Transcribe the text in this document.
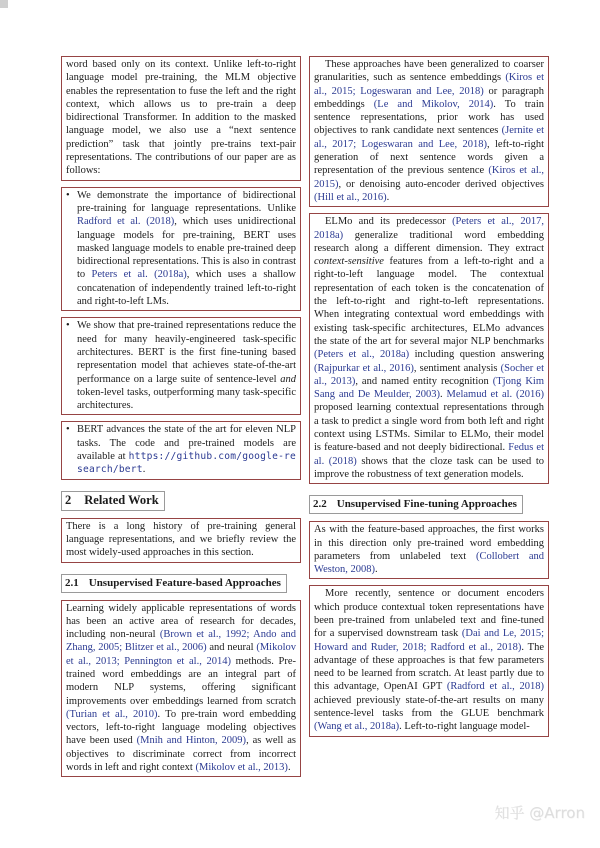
word based only on its context. Unlike left-to-right language model pre-training, the MLM objective enables the representation to fuse the left and the right context, which allows us to pre-train a deep bidirectional Transformer. In addition to the masked language model, we also use a “next sentence prediction” task that jointly pre-trains text-pair representations. The contributions of our paper are as follows:
• We demonstrate the importance of bidirectional pre-training for language representations. Unlike Radford et al. (2018), which uses unidirectional language models for pre-training, BERT uses masked language models to enable pre-trained deep bidirectional representations. This is also in contrast to Peters et al. (2018a), which uses a shallow concatenation of independently trained left-to-right and right-to-left LMs.
• We show that pre-trained representations reduce the need for many heavily-engineered task-specific architectures. BERT is the first fine-tuning based representation model that achieves state-of-the-art performance on a large suite of sentence-level and token-level tasks, outperforming many task-specific architectures.
• BERT advances the state of the art for eleven NLP tasks. The code and pre-trained models are available at https://github.com/google-research/bert.
2 Related Work
There is a long history of pre-training general language representations, and we briefly review the most widely-used approaches in this section.
2.1 Unsupervised Feature-based Approaches
Learning widely applicable representations of words has been an active area of research for decades, including non-neural (Brown et al., 1992; Ando and Zhang, 2005; Blitzer et al., 2006) and neural (Mikolov et al., 2013; Pennington et al., 2014) methods. Pre-trained word embeddings are an integral part of modern NLP systems, offering significant improvements over embeddings learned from scratch (Turian et al., 2010). To pre-train word embedding vectors, left-to-right language modeling objectives have been used (Mnih and Hinton, 2009), as well as objectives to discriminate correct from incorrect words in left and right context (Mikolov et al., 2013).
These approaches have been generalized to coarser granularities, such as sentence embeddings (Kiros et al., 2015; Logeswaran and Lee, 2018) or paragraph embeddings (Le and Mikolov, 2014). To train sentence representations, prior work has used objectives to rank candidate next sentences (Jernite et al., 2017; Logeswaran and Lee, 2018), left-to-right generation of next sentence words given a representation of the previous sentence (Kiros et al., 2015), or denoising auto-encoder derived objectives (Hill et al., 2016).
ELMo and its predecessor (Peters et al., 2017, 2018a) generalize traditional word embedding research along a different dimension. They extract context-sensitive features from a left-to-right and a right-to-left language model. The contextual representation of each token is the concatenation of the left-to-right and right-to-left representations. When integrating contextual word embeddings with existing task-specific architectures, ELMo advances the state of the art for several major NLP benchmarks (Peters et al., 2018a) including question answering (Rajpurkar et al., 2016), sentiment analysis (Socher et al., 2013), and named entity recognition (Tjong Kim Sang and De Meulder, 2003). Melamud et al. (2016) proposed learning contextual representations through a task to predict a single word from both left and right context using LSTMs. Similar to ELMo, their model is feature-based and not deeply bidirectional. Fedus et al. (2018) shows that the cloze task can be used to improve the robustness of text generation models.
2.2 Unsupervised Fine-tuning Approaches
As with the feature-based approaches, the first works in this direction only pre-trained word embedding parameters from unlabeled text (Collobert and Weston, 2008).
More recently, sentence or document encoders which produce contextual token representations have been pre-trained from unlabeled text and fine-tuned for a supervised downstream task (Dai and Le, 2015; Howard and Ruder, 2018; Radford et al., 2018). The advantage of these approaches is that few parameters need to be learned from scratch. At least partly due to this advantage, OpenAI GPT (Radford et al., 2018) achieved previously state-of-the-art results on many sentence-level tasks from the GLUE benchmark (Wang et al., 2018a). Left-to-right language model-
知乎 @Arron
